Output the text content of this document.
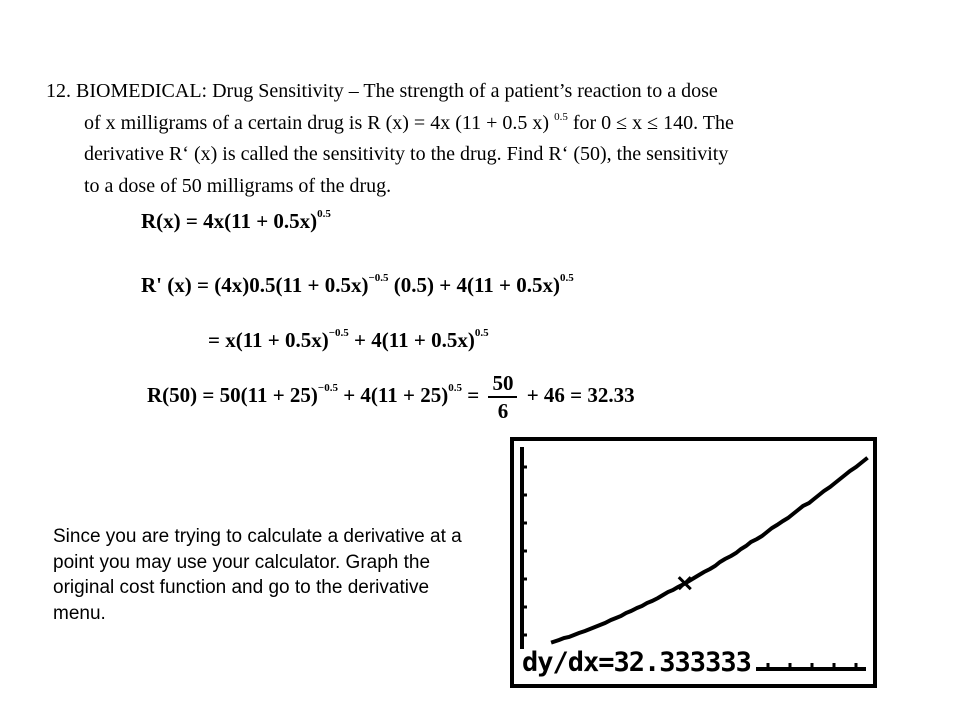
12. BIOMEDICAL: Drug Sensitivity – The strength of a patient’s reaction to a dose

of x milligrams of a certain drug is R (x) = 4x (11 + 0.5 x) $^{0.5}$ for 0 ≤ x ≤ 140. The

derivative R‘ (x) is called the sensitivity to the drug. Find R‘ (50), the sensitivity

to a dose of 50 milligrams of the drug.

$R(x) = 4x(11 + 0.5x)^{0.5}$
R' $(x) = (4x)0.5(11 + 0.5x)^{-0.5}$ $(0.5) + 4(11 + 0.5x)^{0.5}$
= $x(11 + 0.5x)^{-0.5} + 4(11 + 0.5x)^{0.5}$
$R(50) = 50(11 + 25)^{-0.5} + 4(11 + 25)^{0.5} = \frac{50}{6} + 46 = 32.33$

Since you are trying to calculate a derivative at a point you may use your calculator. Graph the original cost function and go to the derivative menu.

dy/dx=32.333333
